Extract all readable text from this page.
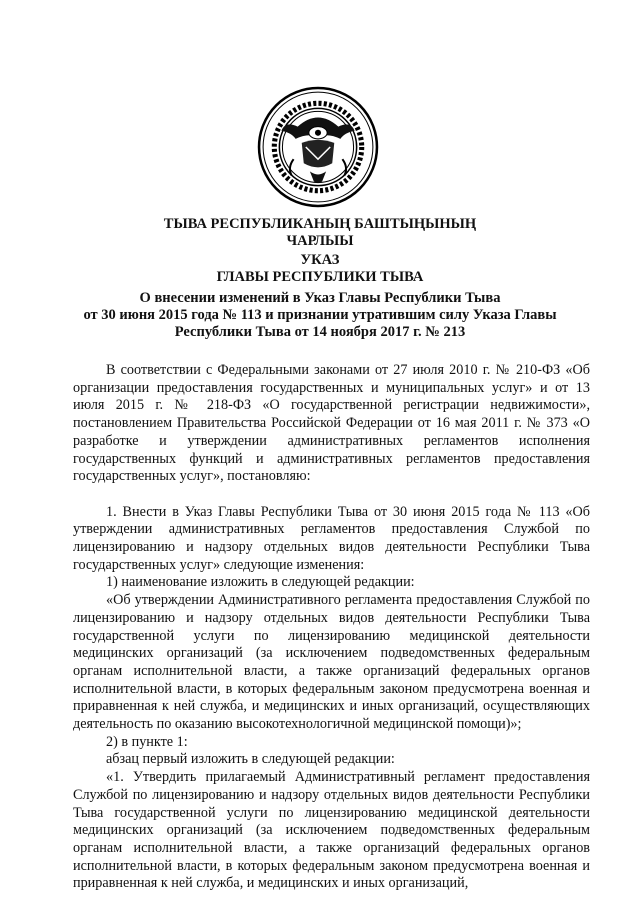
ТЫВА РЕСПУБЛИКАНЫҢ БАШТЫҢЫНЫҢ
ЧАРЛЫЫ
УКАЗ
ГЛАВЫ РЕСПУБЛИКИ ТЫВА
О внесении изменений в Указ Главы Республики Тыва
от 30 июня 2015 года № 113 и признании утратившим силу Указа Главы
Республики Тыва от 14 ноября 2017 г. № 213

В соответствии с Федеральными законами от 27 июля 2010 г. № 210-ФЗ «Об организации предоставления государственных и муниципальных услуг» и от 13 июля 2015 г. № 218-ФЗ «О государственной регистрации недвижимости», постановлением Правительства Российской Федерации от 16 мая 2011 г. № 373 «О разработке и утверждении административных регламентов исполнения государственных функций и административных регламентов предоставления государственных услуг», постановляю:

1. Внести в Указ Главы Республики Тыва от 30 июня 2015 года № 113 «Об утверждении административных регламентов предоставления Службой по лицензированию и надзору отдельных видов деятельности Республики Тыва государственных услуг» следующие изменения:

1) наименование изложить в следующей редакции:

«Об утверждении Административного регламента предоставления Службой по лицензированию и надзору отдельных видов деятельности Республики Тыва государственной услуги по лицензированию медицинской деятельности медицинских организаций (за исключением подведомственных федеральным органам исполнительной власти, а также организаций федеральных органов исполнительной власти, в которых федеральным законом предусмотрена военная и приравненная к ней служба, и медицинских и иных организаций, осуществляющих деятельность по оказанию высокотехнологичной медицинской помощи)»;

2) в пункте 1:

абзац первый изложить в следующей редакции:

«1. Утвердить прилагаемый Административный регламент предоставления Службой по лицензированию и надзору отдельных видов деятельности Республики Тыва государственной услуги по лицензированию медицинской деятельности медицинских организаций (за исключением подведомственных федеральным органам исполнительной власти, а также организаций федеральных органов исполнительной власти, в которых федеральным законом предусмотрена военная и приравненная к ней служба, и медицинских и иных организаций,
